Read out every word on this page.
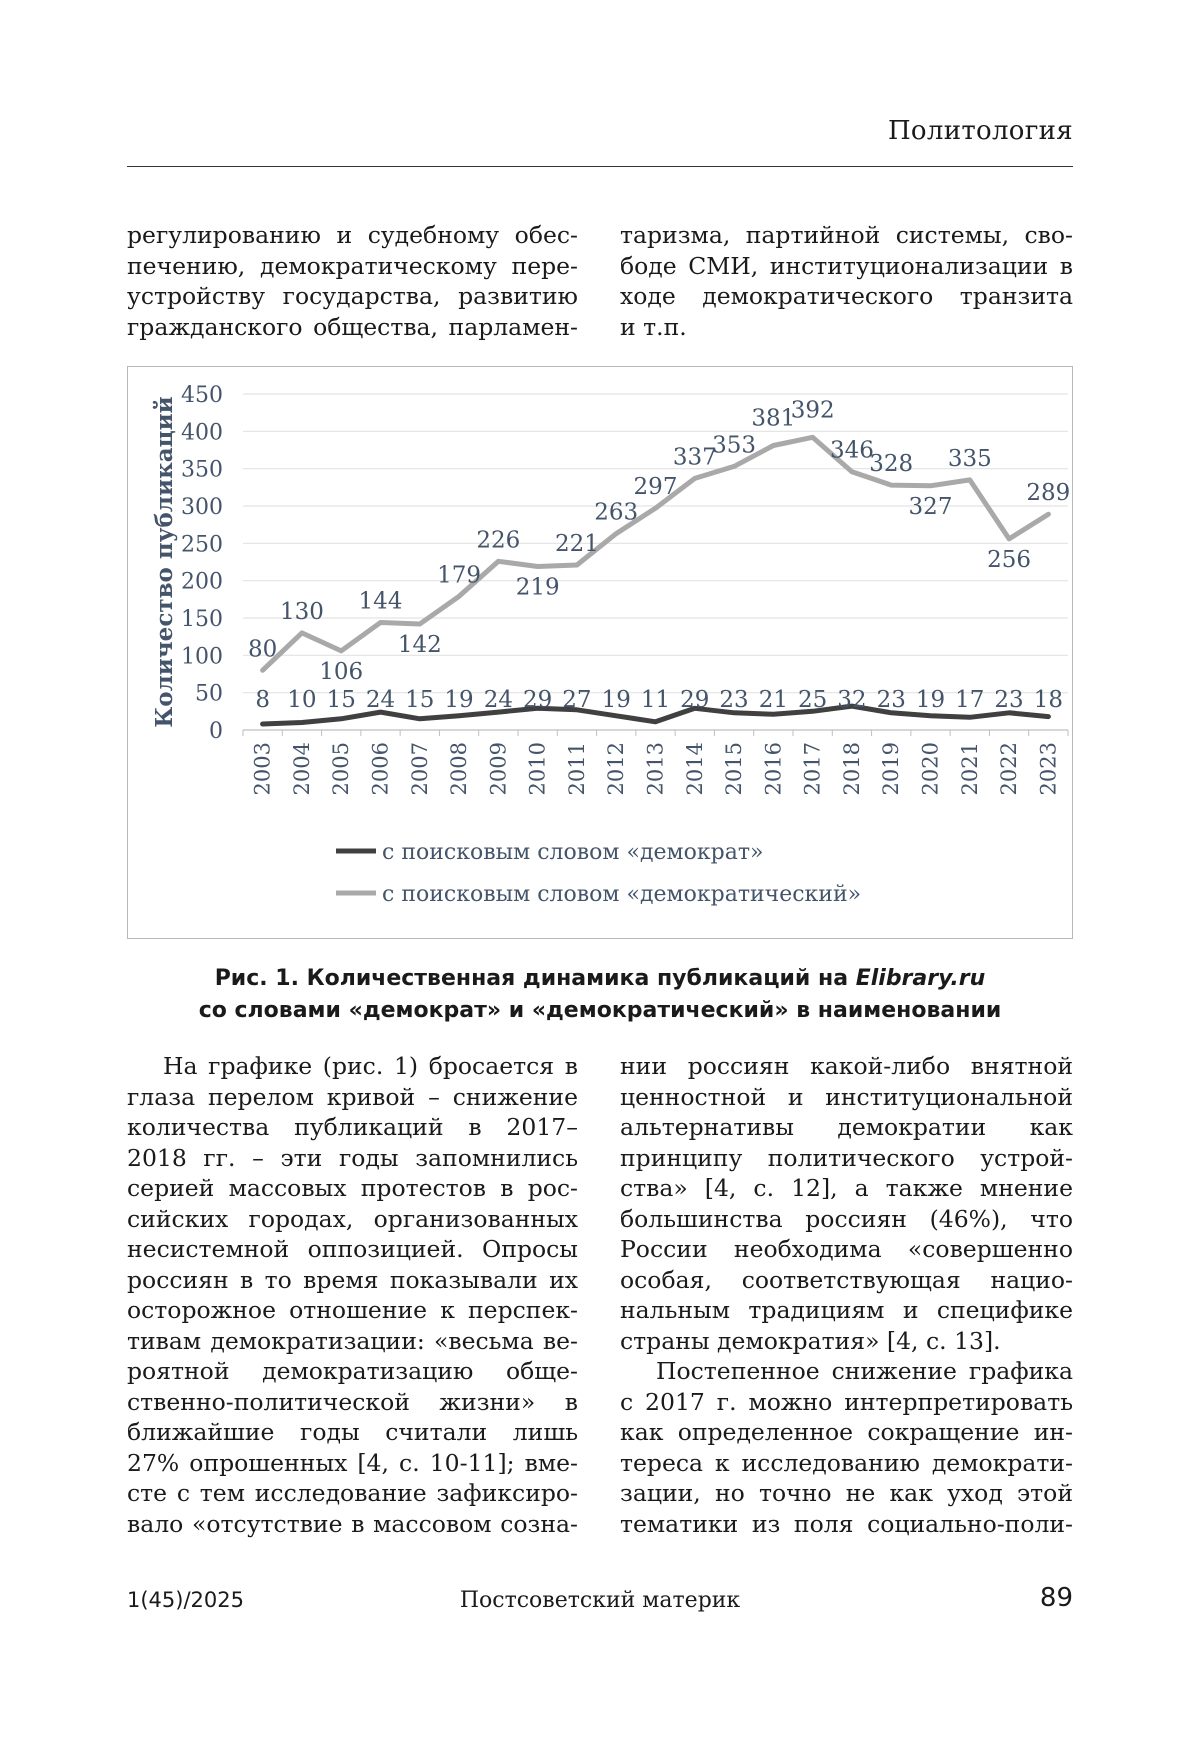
Политология
регулированию и судебному обес-
печению, демократическому пере-
устройству государства, развитию
гражданского общества, парламен-
таризма, партийной системы, сво-
боде СМИ, институционализации в
ходе демократического транзита
и т.п.
0
50
100
150
200
250
300
350
400
450
2003 2004 2005 2006 2007 2008 2009 2010 2011 2012 2013 2014 2015 2016 2017 2018 2019 2020 2021 2022 2023
Количество публикаций	8 10 15 24 15 19 24 29 27 19 11 29 23 21 25 32 23 19 17 23 18
80
130
106
144
142
179
226
219
221
263
297
337
353
381
392
346
328
327
335
256
289
с поисковым словом «демократ»
с поисковым словом «демократический»
Рис. 1. Количественная динамика публикаций на Elibrary.ru
со словами «демократ» и «демократический» в наименовании
На графике (рис. 1) бросается в
глаза перелом кривой – снижение
количества публикаций в 2017–
2018 гг. – эти годы запомнились
серией массовых протестов в рос-
сийских городах, организованных
несистемной оппозицией. Опросы
россиян в то время показывали их
осторожное отношение к перспек-
тивам демократизации: «весьма ве-
роятной демократизацию обще-
ственно-политической жизни» в
ближайшие годы считали лишь
27% опрошенных [4, с. 10-11]; вме-
сте с тем исследование зафиксиро-
вало «отсутствие в массовом созна-
нии россиян какой-либо внятной
ценностной и институциональной
альтернативы демократии как
принципу политического устрой-
ства» [4, с. 12], а также мнение
большинства россиян (46%), что
России необходима «совершенно
особая, соответствующая нацио-
нальным традициям и специфике
страны демократия» [4, с. 13].
Постепенное снижение графика
с 2017 г. можно интерпретировать
как определенное сокращение ин-
тереса к исследованию демократи-
зации, но точно не как уход этой
тематики из поля социально-поли-
1(45)/2025	Постсоветский материк	89
